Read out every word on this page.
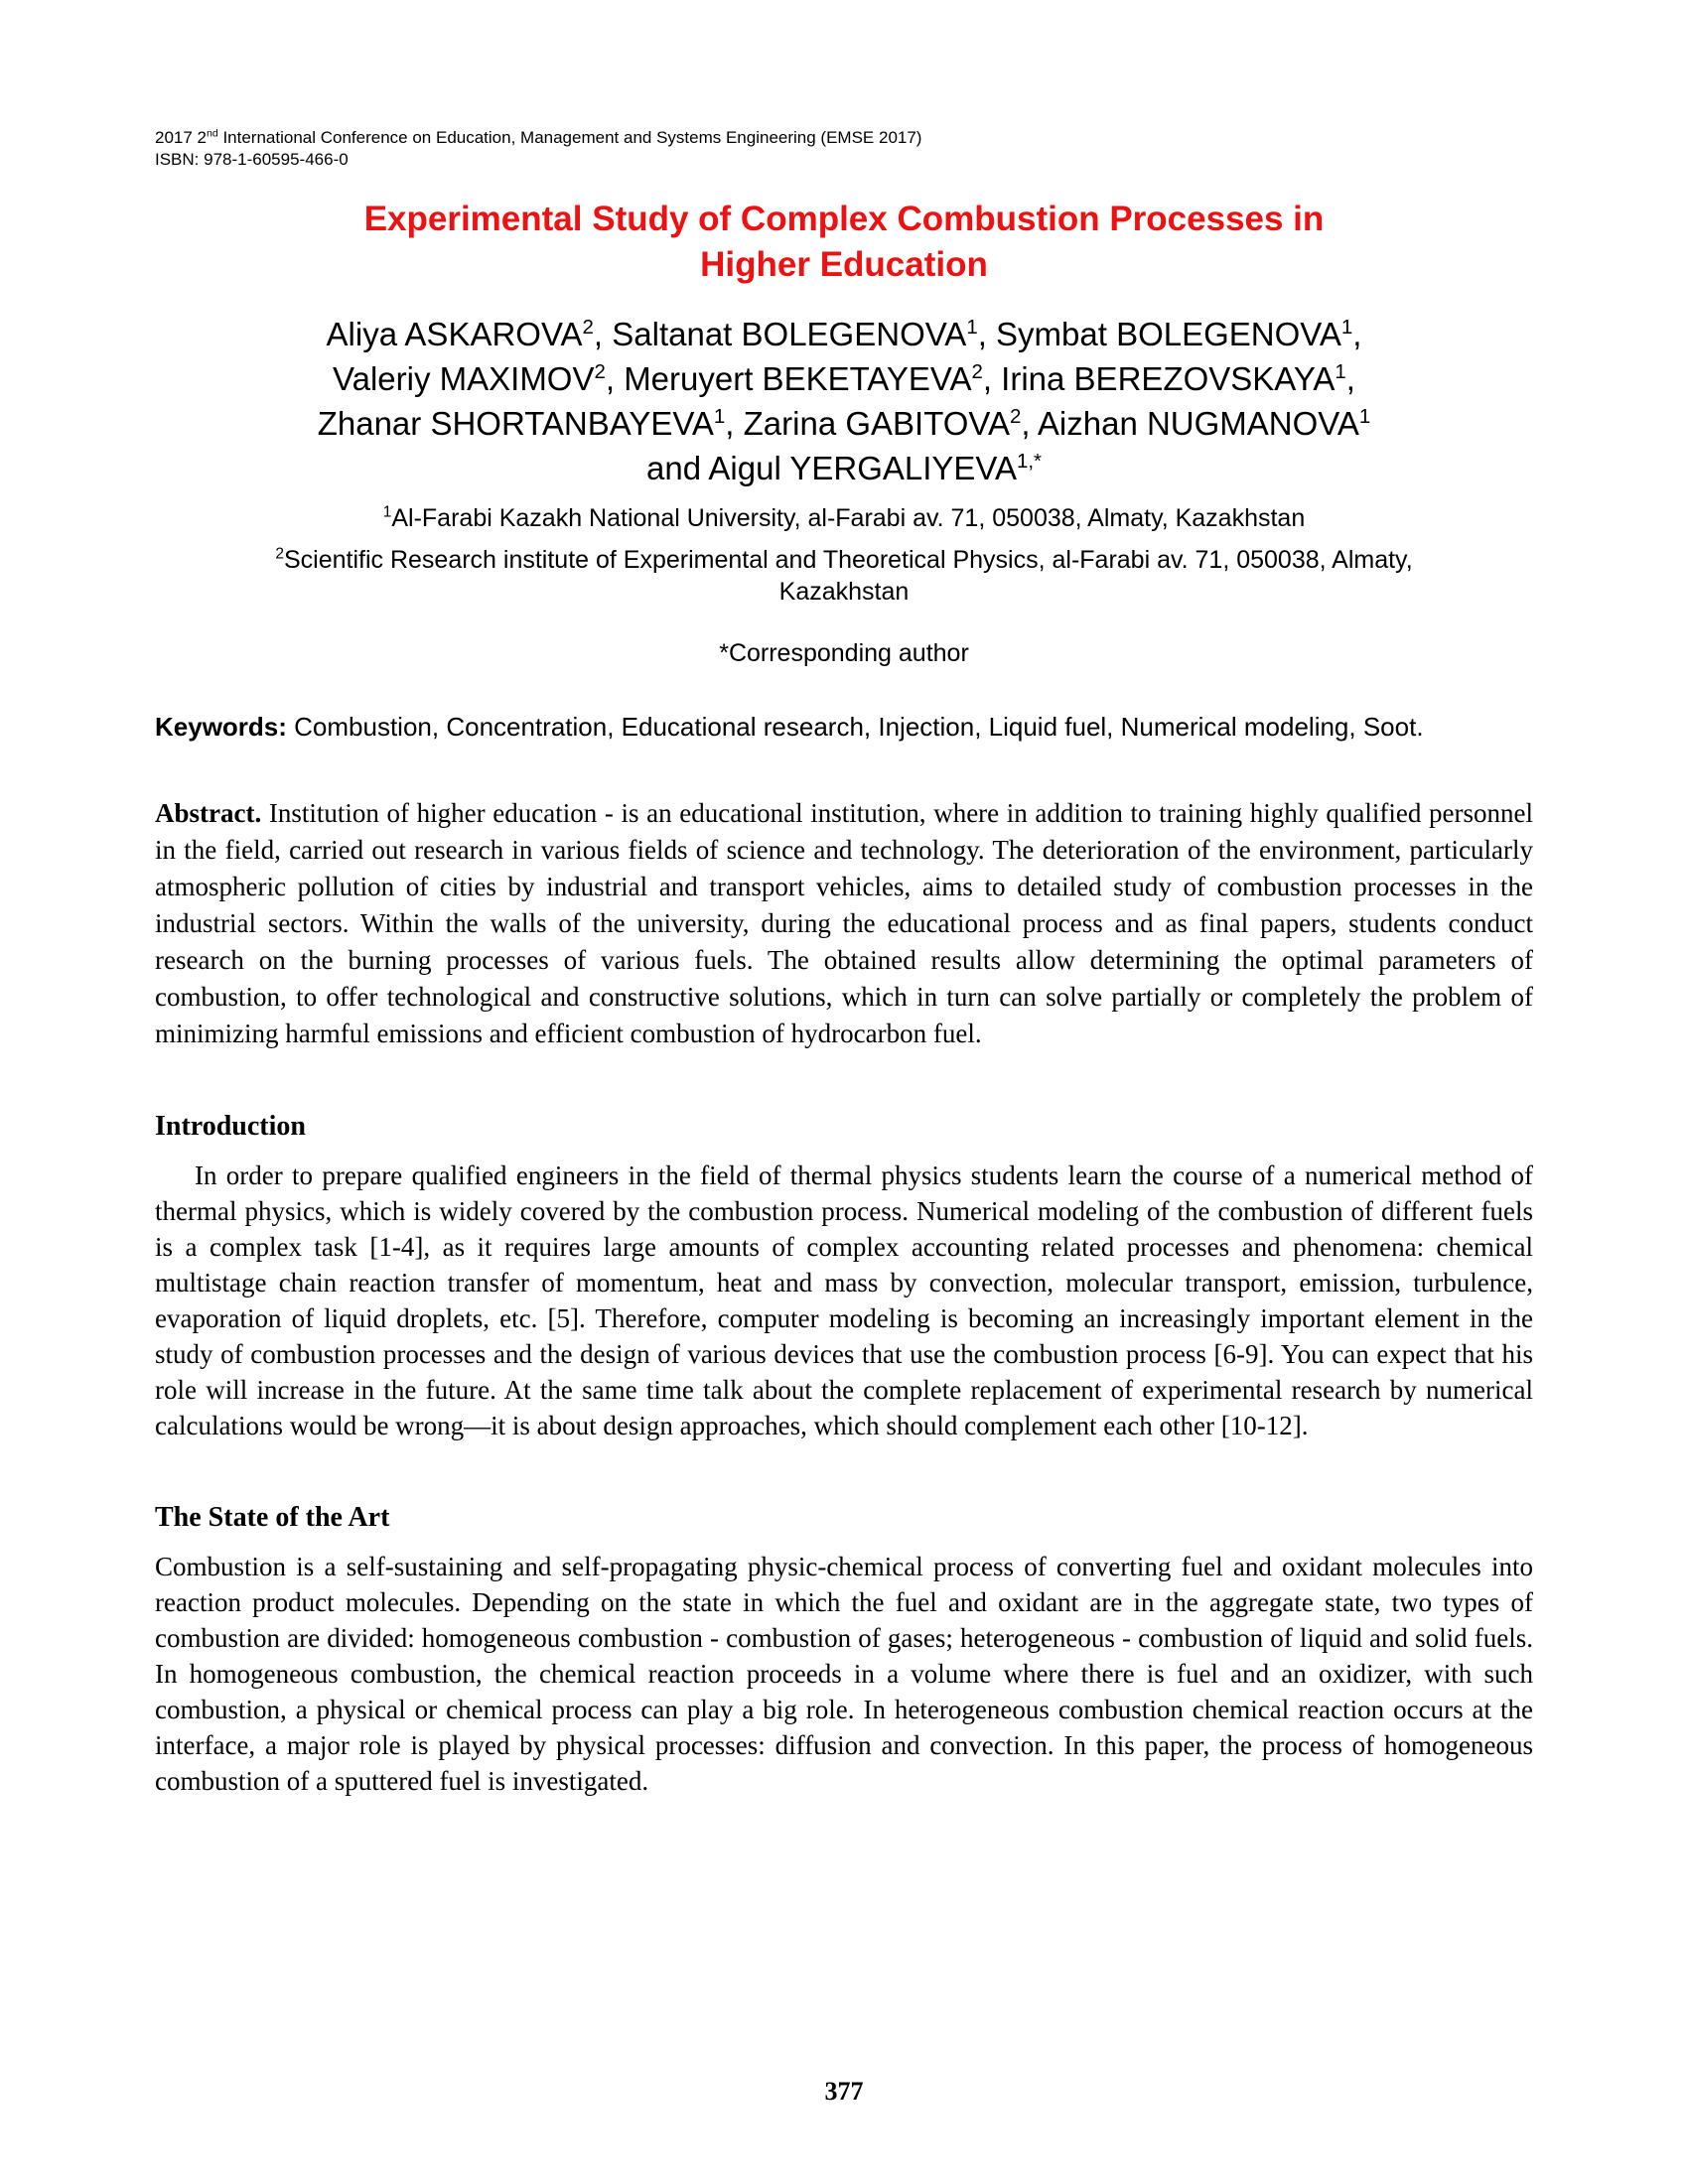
2017 2nd International Conference on Education, Management and Systems Engineering (EMSE 2017)
ISBN: 978-1-60595-466-0
Experimental Study of Complex Combustion Processes in
Higher Education
Aliya ASKAROVA$^2$, Saltanat BOLEGENOVA$^1$, Symbat BOLEGENOVA$^1$,
Valeriy MAXIMOV$^2$, Meruyert BEKETAYEVA$^2$, Irina BEREZOVSKAYA$^1$,
Zhanar SHORTANBAYEVA$^1$, Zarina GABITOVA$^2$, Aizhan NUGMANOVA$^1$
and Aigul $YERGALIYEVA^{1,*}$
$^1$Al-Farabi Kazakh National University, al-Farabi av. 71, 050038, Almaty, Kazakhstan
$^2$Scientific Research institute of Experimental and Theoretical Physics, al-Farabi av. 71, 050038, Almaty, Kazakhstan
*Corresponding author
Keywords: Combustion, Concentration, Educational research, Injection, Liquid fuel, Numerical modeling, Soot.
Abstract. Institution of higher education - is an educational institution, where in addition to training highly qualified personnel in the field, carried out research in various fields of science and technology. The deterioration of the environment, particularly atmospheric pollution of cities by industrial and transport vehicles, aims to detailed study of combustion processes in the industrial sectors. Within the walls of the university, during the educational process and as final papers, students conduct research on the burning processes of various fuels. The obtained results allow determining the optimal parameters of combustion, to offer technological and constructive solutions, which in turn can solve partially or completely the problem of minimizing harmful emissions and efficient combustion of hydrocarbon fuel.
Introduction
In order to prepare qualified engineers in the field of thermal physics students learn the course of a numerical method of thermal physics, which is widely covered by the combustion process. Numerical modeling of the combustion of different fuels is a complex task [1-4], as it requires large amounts of complex accounting related processes and phenomena: chemical multistage chain reaction transfer of momentum, heat and mass by convection, molecular transport, emission, turbulence, evaporation of liquid droplets, etc. [5]. Therefore, computer modeling is becoming an increasingly important element in the study of combustion processes and the design of various devices that use the combustion process [6-9]. You can expect that his role will increase in the future. At the same time talk about the complete replacement of experimental research by numerical calculations would be wrong—it is about design approaches, which should complement each other [10-12].
The State of the Art
Combustion is a self-sustaining and self-propagating physic-chemical process of converting fuel and oxidant molecules into reaction product molecules. Depending on the state in which the fuel and oxidant are in the aggregate state, two types of combustion are divided: homogeneous combustion - combustion of gases; heterogeneous - combustion of liquid and solid fuels. In homogeneous combustion, the chemical reaction proceeds in a volume where there is fuel and an oxidizer, with such combustion, a physical or chemical process can play a big role. In heterogeneous combustion chemical reaction occurs at the interface, a major role is played by physical processes: diffusion and convection. In this paper, the process of homogeneous combustion of a sputtered fuel is investigated.
377
